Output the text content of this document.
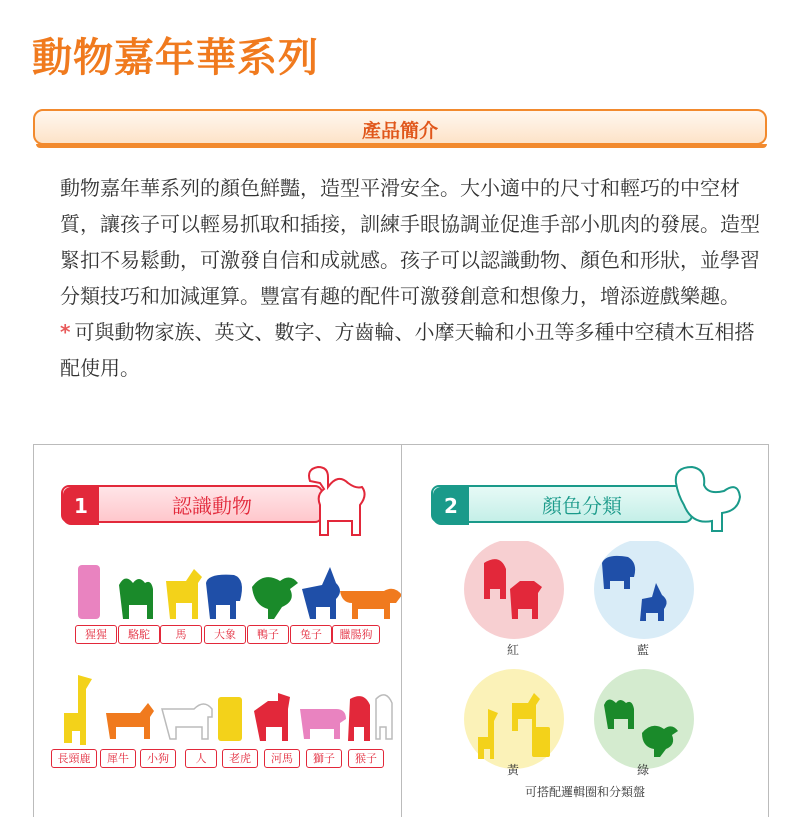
動物嘉年華系列
產品簡介

動物嘉年華系列的顏色鮮豔，造型平滑安全。大小適中的尺寸和輕巧的中空材質，讓孩子可以輕易抓取和插接，訓練手眼協調並促進手部小肌肉的發展。造型緊扣不易鬆動，可激發自信和成就感。孩子可以認識動物、顏色和形狀，並學習分類技巧和加減運算。豐富有趣的配件可激發創意和想像力，增添遊戲樂趣。

* 可與動物家族、英文、數字、方齒輪、小摩天輪和小丑等多種中空積木互相搭配使用。

1	認識動物
猩猩	駱駝	馬	大象	鴨子	兔子	臘腸狗
長頸鹿	犀牛	小狗	人	老虎	河馬	獅子	猴子
2	顏色分類
紅	藍
黃	綠
可搭配邏輯圈和分類盤
